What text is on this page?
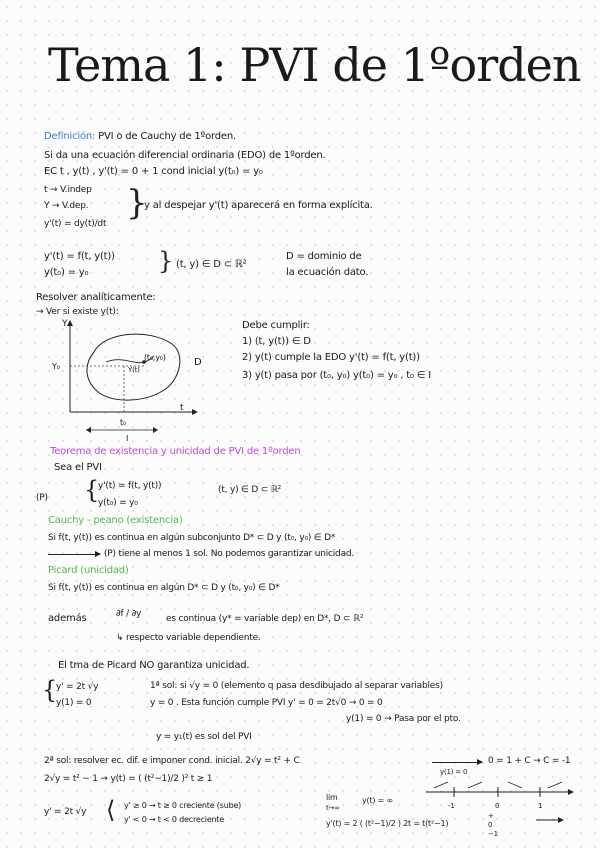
Tema 1: PVI de 1ºorden
Definición: PVI o de Cauchy de 1ºorden.
Si da una ecuación diferencial ordinaria (EDO) de 1ºorden.
EC t , y(t) , y'(t) = 0 + 1 cond inicial y(t₀) = y₀
t → V.indep
Y → V.dep.
y'(t) = dy(t)/dt
}
y al despejar y'(t) aparecerá en forma explícita.
y'(t) = f(t, y(t))
y(t₀) = y₀	} (t, y) ∈ D ⊂ ℝ²
D = dominio de
la ecuación dato.
Resolver analíticamente:
→ Ver si existe y(t):
Y
t
Y₀
t₀
(t₀,y₀)
Y(t)
D
I
Debe cumplir:
1) (t, y(t)) ∈ D
2) y(t) cumple la EDO y'(t) = f(t, y(t))
3) y(t) pasa por (t₀, y₀) y(t₀) = y₀ , t₀ ∈ I
Teorema de existencia y unicidad de PVI de 1ºorden
Sea el PVI
(P) {
y'(t) = f(t, y(t))
y(t₀) = y₀
(t, y) ∈ D ⊂ ℝ²
Cauchy - peano (existencia)
Si f(t, y(t)) es continua en algún subconjunto D* ⊂ D y (t₀, y₀) ∈ D*
(P) tiene al menos 1 sol. No podemos garantizar unicidad.
Picard (unicidad)
Si f(t, y(t)) es continua en algún D* ⊂ D y (t₀, y₀) ∈ D*
además	∂f / ∂y	es continua (y* = variable dep) en D*, D ⊂ ℝ²
↳ respecto variable dependiente.
El tma de Picard NO garantiza unicidad.
{
y' = 2t √y
y(1) = 0
1ª sol: si √y = 0 (elemento q pasa desdibujado al separar variables)
y = 0 . Esta función cumple PVI y' = 0 = 2t√0 → 0 = 0
y(1) = 0 → Pasa por el pto.
y = y₁(t) es sol del PVI
2ª sol: resolver ec. dif. e imponer cond. inicial. 2√y = t² + C
y(1) = 0
0 = 1 + C → C = -1
2√y = t² − 1 → y(t) = ( (t²−1)/2 )² t ≥ 1
y' = 2t √y ⟨ y' ≥ 0 → t ≥ 0 creciente (sube)
y' < 0 → t < 0 decreciente
lim
t→∞
y(t) = ∞
y'(t) = 2 ( (t²−1)/2 ) 2t = t(t²−1)
-1	0	1
+
0
−1
